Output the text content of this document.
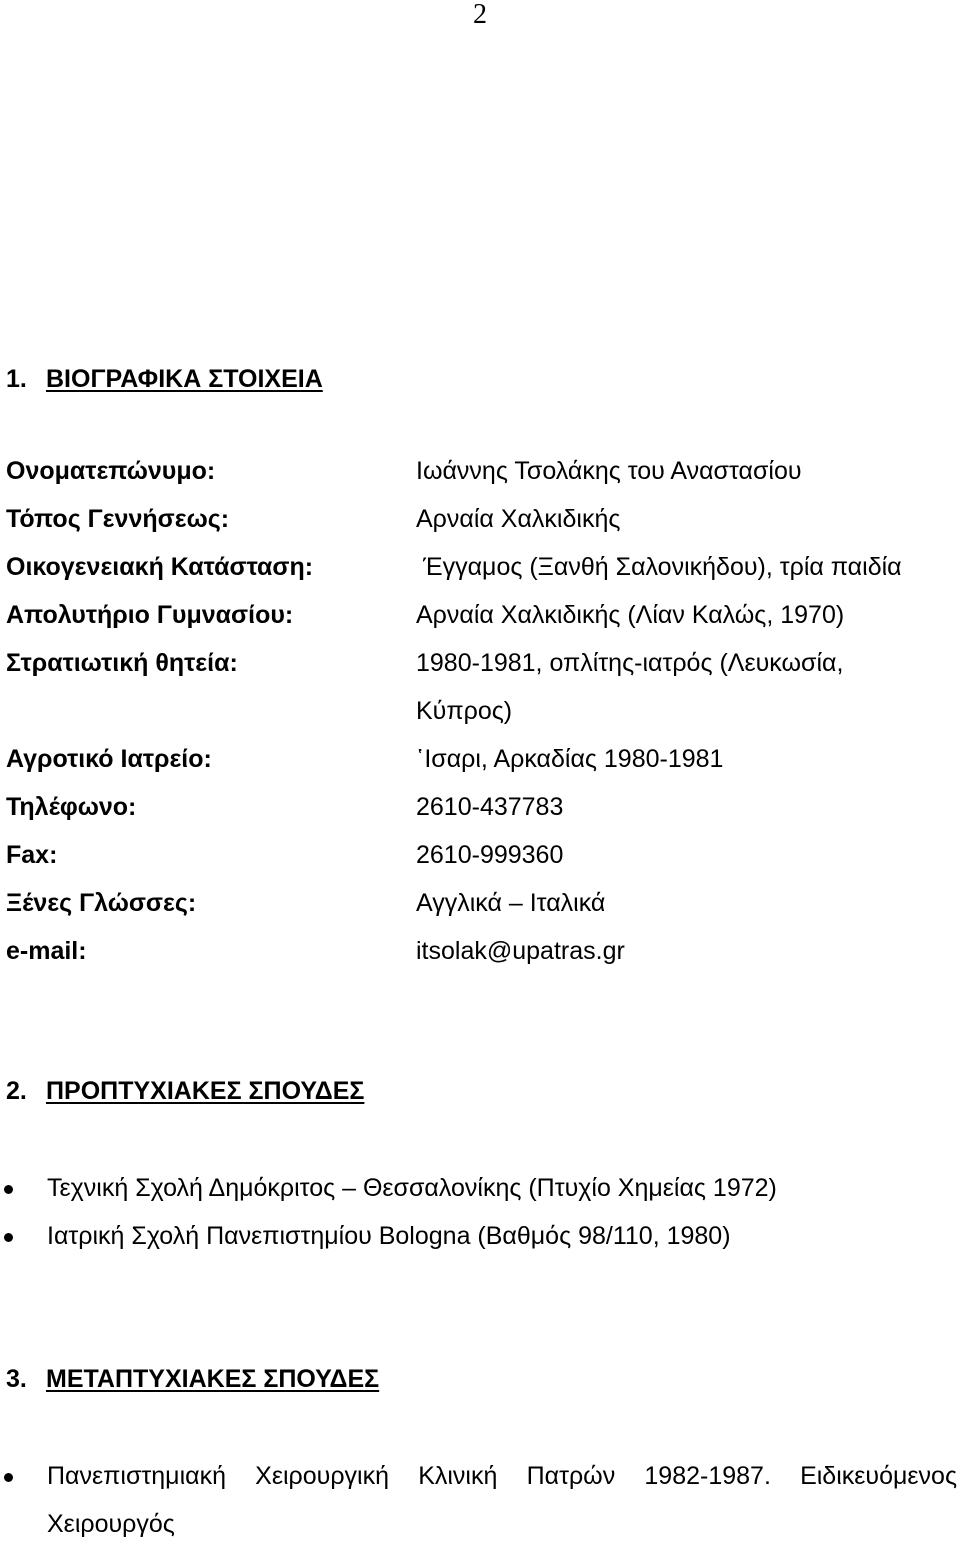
2
1. ΒΙΟΓΡΑΦΙΚΑ ΣΤΟΙΧΕΙΑ
Ονοματεπώνυμο:	Ιωάννης Τσολάκης του Αναστασίου
Τόπος Γεννήσεως:	Αρναία Χαλκιδικής
Οικογενειακή Κατάσταση:	Έγγαμος (Ξανθή Σαλονικήδου), τρία παιδία
Απολυτήριο Γυμνασίου:	Αρναία Χαλκιδικής (Λίαν Καλώς, 1970)
Στρατιωτική θητεία:	1980-1981, οπλίτης-ιατρός (Λευκωσία,
Κύπρος)
Αγροτικό Ιατρείο:	῾Ισαρι, Αρκαδίας 1980-1981
Τηλέφωνο:	2610-437783
Fax:	2610-999360
Ξένες Γλώσσες:	Αγγλικά – Ιταλικά
e-mail:	itsolak@upatras.gr
2. ΠΡΟΠΤΥΧΙΑΚΕΣ ΣΠΟΥΔΕΣ
Τεχνική Σχολή Δημόκριτος – Θεσσαλονίκης (Πτυχίο Χημείας 1972)
Ιατρική Σχολή Πανεπιστημίου Bologna (Βαθμός 98/110, 1980)
3. ΜΕΤΑΠΤΥΧΙΑΚΕΣ ΣΠΟΥΔΕΣ
Πανεπιστημιακή Χειρουργική Κλινική Πατρών 1982-1987. Ειδικευόμενος
Χειρουργός
